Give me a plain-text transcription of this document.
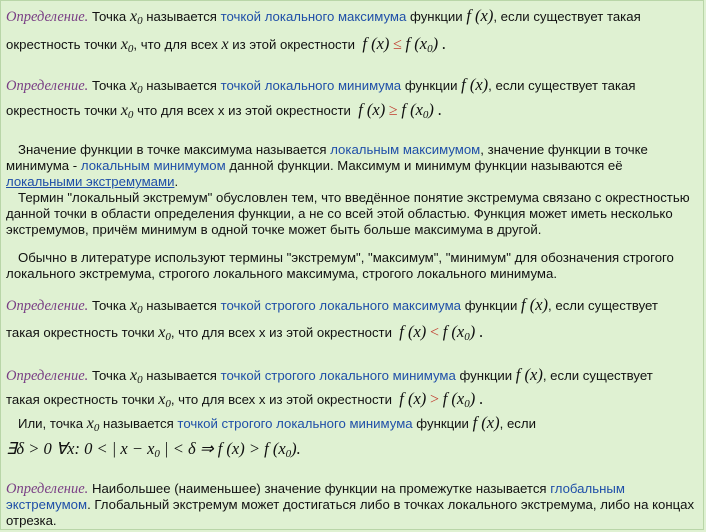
Определение. Точка x0 называется точкой локального максимума функции f (x), если существует такая
окрестность точки x0, что для всех x из этой окрестности f (x) ≤ f $(x_0)$ .
Определение. Точка x0 называется точкой локального минимума функции f (x), если существует такая
окрестность точки x0 что для всех x из этой окрестности f (x) ≥ f $(x_0)$ .
Значение функции в точке максимума называется локальным максимумом, значение функции в точке
минимума - локальным минимумом данной функции. Максимум и минимум функции называются её
локальными экстремумами.
Термин "локальный экстремум" обусловлен тем, что введённое понятие экстремума связано с окрестностью
данной точки в области определения функции, а не со всей этой областью. Функция может иметь несколько
экстремумов, причём минимум в одной точке может быть больше максимума в другой.
Обычно в литературе используют термины "экстремум", "максимум", "минимум" для обозначения строгого
локального экстремума, строгого локального максимума, строгого локального минимума.
Определение. Точка x0 называется точкой строгого локального максимума функции f (x), если существует
такая окрестность точки x0, что для всех x из этой окрестности f (x) < f $(x_0)$ .
Определение. Точка x0 называется точкой строгого локального минимума функции f (x), если существует
такая окрестность точки x0, что для всех x из этой окрестности f (x) > f $(x_0)$ .
Или, точка x0 называется точкой строгого локального минимума функции f (x), если
∃δ > 0 ∀x: 0 < | x − x0 | < δ ⇒ f (x) > f (x0).
Определение. Наибольшее (наименьшее) значение функции на промежутке называется глобальным
экстремумом. Глобальный экстремум может достигаться либо в точках локального экстремума, либо на концах
отрезка.
